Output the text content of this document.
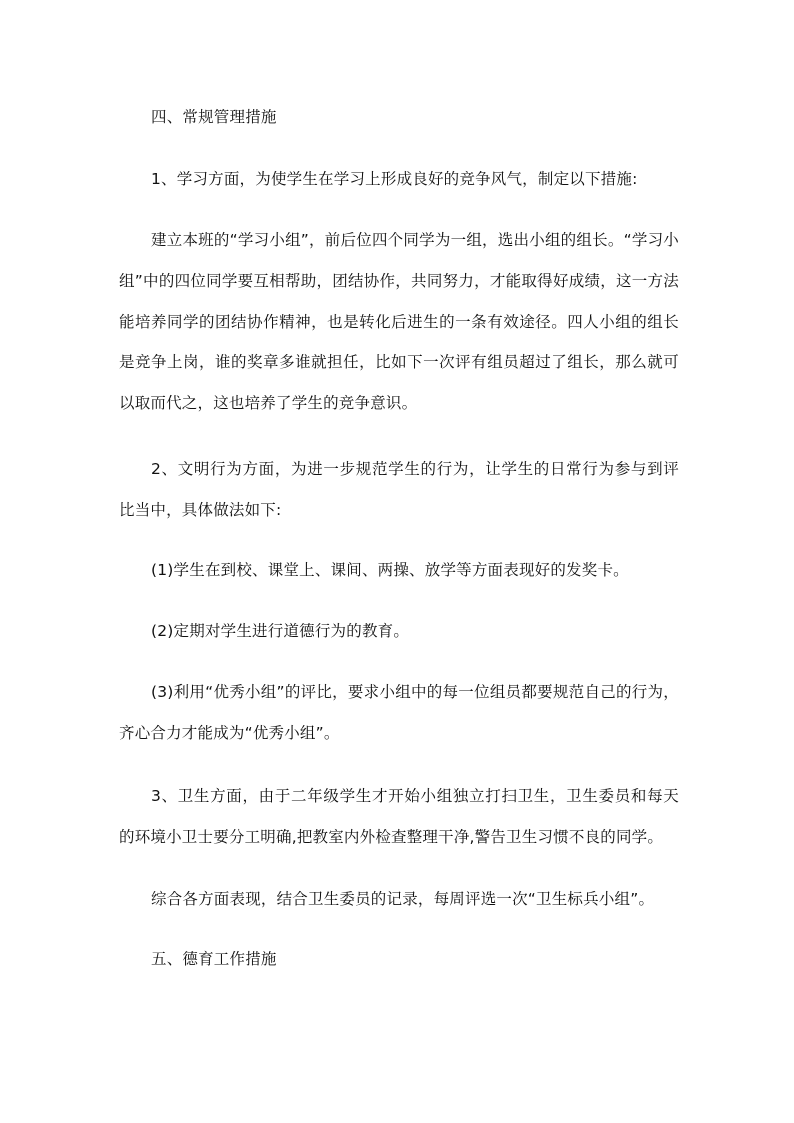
四、常规管理措施

1、学习方面，为使学生在学习上形成良好的竞争风气，制定以下措施:

建立本班的“学习小组”，前后位四个同学为一组，选出小组的组长。“学习小组”中的四位同学要互相帮助，团结协作，共同努力，才能取得好成绩，这一方法能培养同学的团结协作精神，也是转化后进生的一条有效途径。四人小组的组长是竞争上岗，谁的奖章多谁就担任，比如下一次评有组员超过了组长，那么就可以取而代之，这也培养了学生的竞争意识。

2、文明行为方面，为进一步规范学生的行为，让学生的日常行为参与到评比当中，具体做法如下:

(1)学生在到校、课堂上、课间、两操、放学等方面表现好的发奖卡。

(2)定期对学生进行道德行为的教育。

(3)利用“优秀小组”的评比，要求小组中的每一位组员都要规范自己的行为，齐心合力才能成为“优秀小组”。

3、卫生方面，由于二年级学生才开始小组独立打扫卫生，卫生委员和每天的环境小卫士要分工明确,把教室内外检查整理干净,警告卫生习惯不良的同学。

综合各方面表现，结合卫生委员的记录，每周评选一次“卫生标兵小组”。

五、德育工作措施
